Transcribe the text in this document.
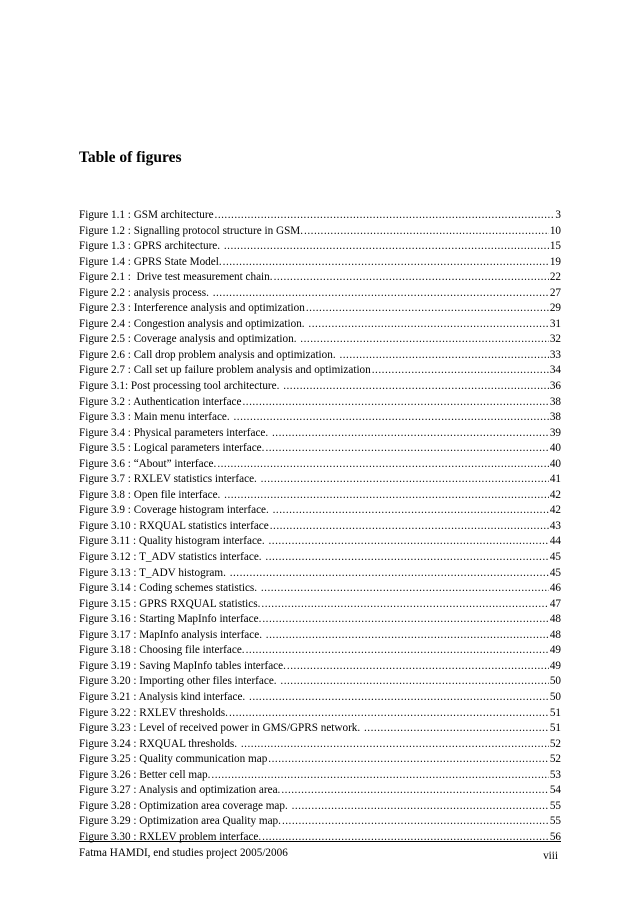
Table of figures
Figure 1.1 : GSM architecture .....	3
Figure 1.2 : Signalling protocol structure in GSM. .....	10
Figure 1.3 : GPRS architecture. .....	15
Figure 1.4 : GPRS State Model. .....	19
Figure 2.1 :  Drive test measurement chain. .....	22
Figure 2.2 : analysis process. .....	27
Figure 2.3 : Interference analysis and optimization .....	29
Figure 2.4 : Congestion analysis and optimization. .....	31
Figure 2.5 : Coverage analysis and optimization. .....	32
Figure 2.6 : Call drop problem analysis and optimization. .....	33
Figure 2.7 : Call set up failure problem analysis and optimization .....	34
Figure 3.1: Post processing tool architecture. .....	36
Figure 3.2 : Authentication interface .....	38
Figure 3.3 : Main menu interface. .....	38
Figure 3.4 : Physical parameters interface. .....	39
Figure 3.5 : Logical parameters interface. .....	40
Figure 3.6 : “About” interface. .....	40
Figure 3.7 : RXLEV statistics interface. .....	41
Figure 3.8 : Open file interface. .....	42
Figure 3.9 : Coverage histogram interface. .....	42
Figure 3.10 : RXQUAL statistics interface .....	43
Figure 3.11 : Quality histogram interface. .....	44
Figure 3.12 : T_ADV statistics interface. .....	45
Figure 3.13 : T_ADV histogram. .....	45
Figure 3.14 : Coding schemes statistics. .....	46
Figure 3.15 : GPRS RXQUAL statistics. .....	47
Figure 3.16 : Starting MapInfo interface. .....	48
Figure 3.17 : MapInfo analysis interface. .....	48
Figure 3.18 : Choosing file interface. .....	49
Figure 3.19 : Saving MapInfo tables interface. .....	49
Figure 3.20 : Importing other files interface. .....	50
Figure 3.21 : Analysis kind interface. .....	50
Figure 3.22 : RXLEV thresholds. .....	51
Figure 3.23 : Level of received power in GMS/GPRS network. .....	51
Figure 3.24 : RXQUAL thresholds. .....	52
Figure 3.25 : Quality communication map .....	52
Figure 3.26 : Better cell map. .....	53
Figure 3.27 : Analysis and optimization area. .....	54
Figure 3.28 : Optimization area coverage map. .....	55
Figure 3.29 : Optimization area Quality map. .....	55
Figure 3.30 : RXLEV problem interface. .....	56
Fatma HAMDI, end studies project 2005/2006	viii
